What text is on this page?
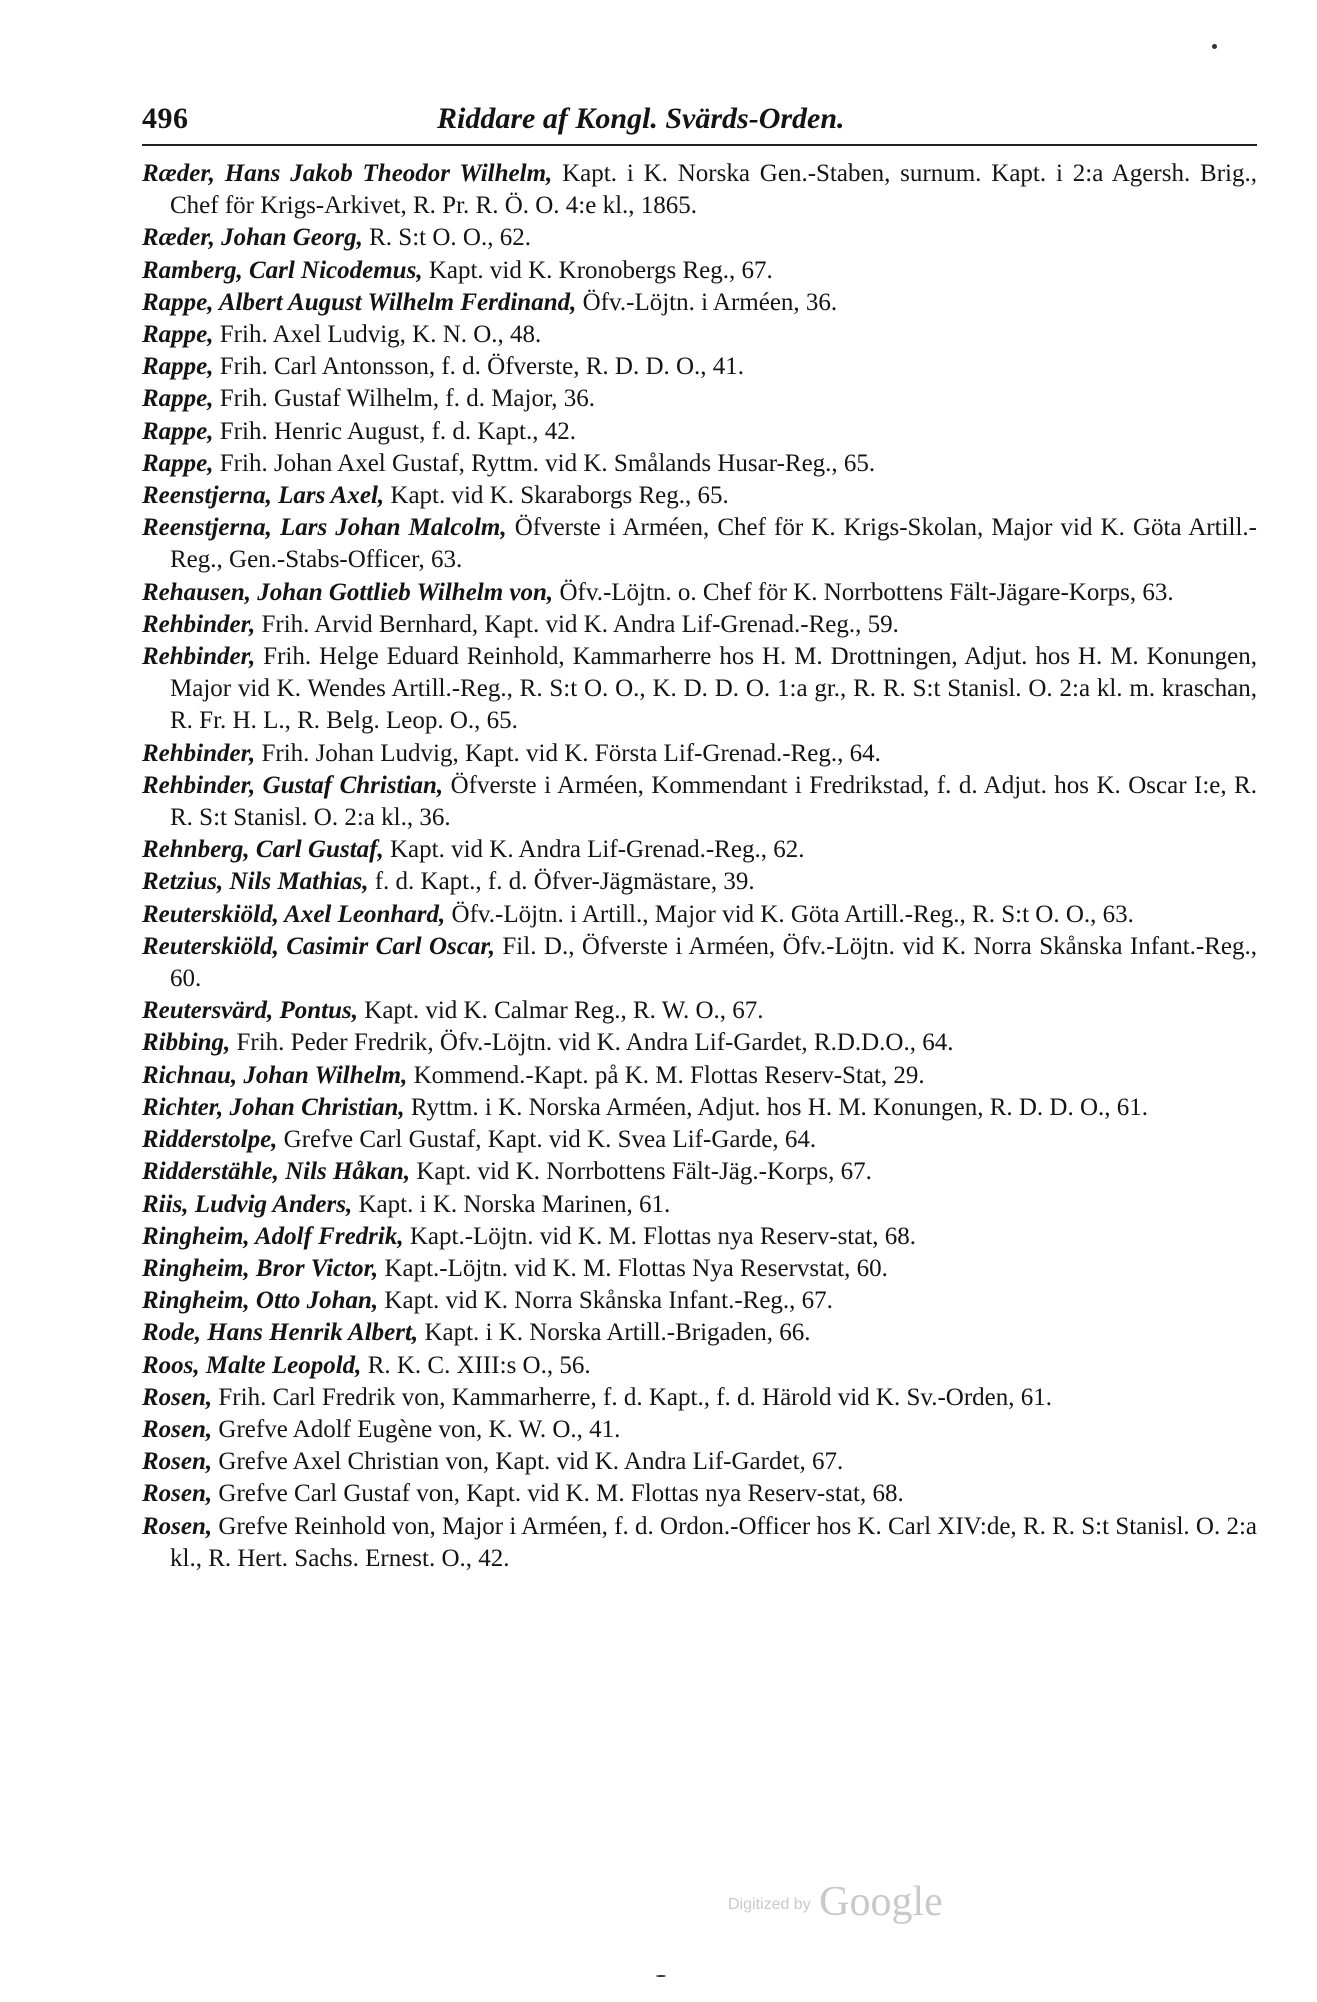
496	Riddare af Kongl. Svärds-Orden.

Ræder, Hans Jakob Theodor Wilhelm, Kapt. i K. Norska Gen.-Staben, surnum. Kapt. i 2:a Agersh. Brig., Chef för Krigs-Arkivet, R. Pr. R. Ö. O. 4:e kl., 1865.

Ræder, Johan Georg, R. S:t O. O., 62.

Ramberg, Carl Nicodemus, Kapt. vid K. Kronobergs Reg., 67.

Rappe, Albert August Wilhelm Ferdinand, Öfv.-Löjtn. i Arméen, 36.

Rappe, Frih. Axel Ludvig, K. N. O., 48.

Rappe, Frih. Carl Antonsson, f. d. Öfverste, R. D. D. O., 41.

Rappe, Frih. Gustaf Wilhelm, f. d. Major, 36.

Rappe, Frih. Henric August, f. d. Kapt., 42.

Rappe, Frih. Johan Axel Gustaf, Ryttm. vid K. Smålands Husar-Reg., 65.

Reenstjerna, Lars Axel, Kapt. vid K. Skaraborgs Reg., 65.

Reenstjerna, Lars Johan Malcolm, Öfverste i Arméen, Chef för K. Krigs-Skolan, Major vid K. Göta Artill.-Reg., Gen.-Stabs-Officer, 63.

Rehausen, Johan Gottlieb Wilhelm von, Öfv.-Löjtn. o. Chef för K. Norrbottens Fält-Jägare-Korps, 63.

Rehbinder, Frih. Arvid Bernhard, Kapt. vid K. Andra Lif-Grenad.-Reg., 59.

Rehbinder, Frih. Helge Eduard Reinhold, Kammarherre hos H. M. Drottningen, Adjut. hos H. M. Konungen, Major vid K. Wendes Artill.-Reg., R. S:t O. O., K. D. D. O. 1:a gr., R. R. S:t Stanisl. O. 2:a kl. m. kraschan, R. Fr. H. L., R. Belg. Leop. O., 65.

Rehbinder, Frih. Johan Ludvig, Kapt. vid K. Första Lif-Grenad.-Reg., 64.

Rehbinder, Gustaf Christian, Öfverste i Arméen, Kommendant i Fredrikstad, f. d. Adjut. hos K. Oscar I:e, R. R. S:t Stanisl. O. 2:a kl., 36.

Rehnberg, Carl Gustaf, Kapt. vid K. Andra Lif-Grenad.-Reg., 62.

Retzius, Nils Mathias, f. d. Kapt., f. d. Öfver-Jägmästare, 39.

Reuterskiöld, Axel Leonhard, Öfv.-Löjtn. i Artill., Major vid K. Göta Artill.-Reg., R. S:t O. O., 63.

Reuterskiöld, Casimir Carl Oscar, Fil. D., Öfverste i Arméen, Öfv.-Löjtn. vid K. Norra Skånska Infant.-Reg., 60.

Reutersvärd, Pontus, Kapt. vid K. Calmar Reg., R. W. O., 67.

Ribbing, Frih. Peder Fredrik, Öfv.-Löjtn. vid K. Andra Lif-Gardet, R.D.D.O., 64.

Richnau, Johan Wilhelm, Kommend.-Kapt. på K. M. Flottas Reserv-Stat, 29.

Richter, Johan Christian, Ryttm. i K. Norska Arméen, Adjut. hos H. M. Konungen, R. D. D. O., 61.

Ridderstolpe, Grefve Carl Gustaf, Kapt. vid K. Svea Lif-Garde, 64.

Ridderstähle, Nils Håkan, Kapt. vid K. Norrbottens Fält-Jäg.-Korps, 67.

Riis, Ludvig Anders, Kapt. i K. Norska Marinen, 61.

Ringheim, Adolf Fredrik, Kapt.-Löjtn. vid K. M. Flottas nya Reserv-stat, 68.

Ringheim, Bror Victor, Kapt.-Löjtn. vid K. M. Flottas Nya Reservstat, 60.

Ringheim, Otto Johan, Kapt. vid K. Norra Skånska Infant.-Reg., 67.

Rode, Hans Henrik Albert, Kapt. i K. Norska Artill.-Brigaden, 66.

Roos, Malte Leopold, R. K. C. XIII:s O., 56.

Rosen, Frih. Carl Fredrik von, Kammarherre, f. d. Kapt., f. d. Härold vid K. Sv.-Orden, 61.

Rosen, Grefve Adolf Eugène von, K. W. O., 41.

Rosen, Grefve Axel Christian von, Kapt. vid K. Andra Lif-Gardet, 67.

Rosen, Grefve Carl Gustaf von, Kapt. vid K. M. Flottas nya Reserv-stat, 68.

Rosen, Grefve Reinhold von, Major i Arméen, f. d. Ordon.-Officer hos K. Carl XIV:de, R. R. S:t Stanisl. O. 2:a kl., R. Hert. Sachs. Ernest. O., 42.

Digitized by Google
